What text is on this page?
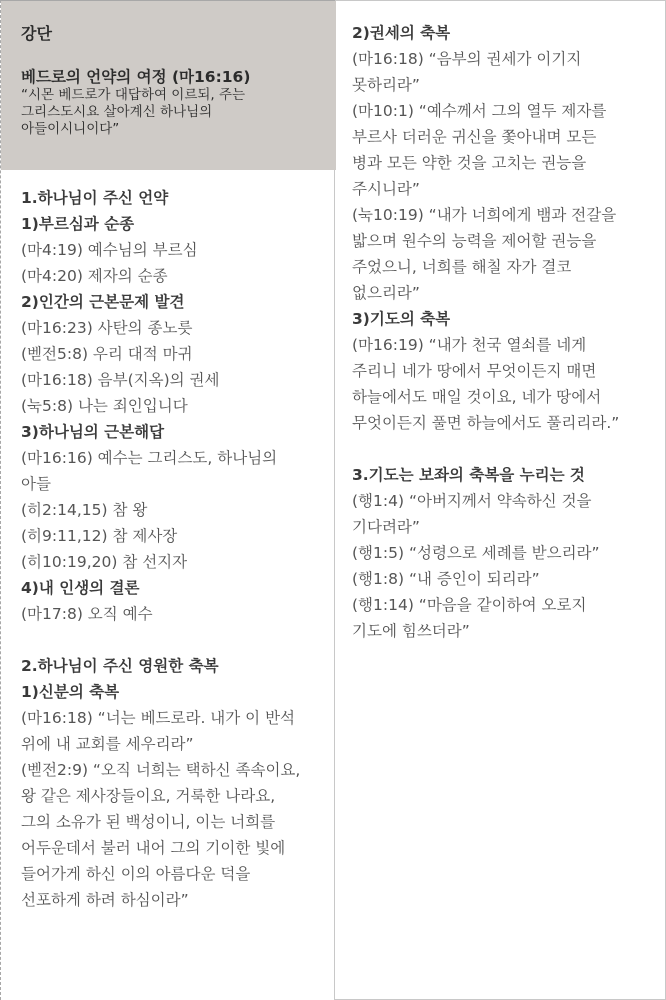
강단
베드로의 언약의 여정 (마16:16)
“시몬 베드로가 대답하여 이르되, 주는
그리스도시요 살아계신 하나님의
아들이시니이다”
1.하나님이 주신 언약
1)부르심과 순종
(마4:19) 예수님의 부르심
(마4:20) 제자의 순종
2)인간의 근본문제 발견
(마16:23) 사탄의 종노릇
(벧전5:8) 우리 대적 마귀
(마16:18) 음부(지옥)의 권세
(눅5:8) 나는 죄인입니다
3)하나님의 근본해답
(마16:16) 예수는 그리스도, 하나님의
아들
(히2:14,15) 참 왕
(히9:11,12) 참 제사장
(히10:19,20) 참 선지자
4)내 인생의 결론
(마17:8) 오직 예수
2.하나님이 주신 영원한 축복
1)신분의 축복
(마16:18) “너는 베드로라. 내가 이 반석
위에 내 교회를 세우리라”
(벧전2:9) “오직 너희는 택하신 족속이요,
왕 같은 제사장들이요, 거룩한 나라요,
그의 소유가 된 백성이니, 이는 너희를
어두운데서 불러 내어 그의 기이한 빛에
들어가게 하신 이의 아름다운 덕을
선포하게 하려 하심이라”
2)권세의 축복
(마16:18) “음부의 권세가 이기지
못하리라”
(마10:1) “예수께서 그의 열두 제자를
부르사 더러운 귀신을 쫓아내며 모든
병과 모든 약한 것을 고치는 권능을
주시니라”
(눅10:19) “내가 너희에게 뱀과 전갈을
밟으며 원수의 능력을 제어할 권능을
주었으니, 너희를 해칠 자가 결코
없으리라”
3)기도의 축복
(마16:19) “내가 천국 열쇠를 네게
주리니 네가 땅에서 무엇이든지 매면
하늘에서도 매일 것이요, 네가 땅에서
무엇이든지 풀면 하늘에서도 풀리리라.”
3.기도는 보좌의 축복을 누리는 것
(행1:4) “아버지께서 약속하신 것을
기다려라”
(행1:5) “성령으로 세례를 받으리라”
(행1:8) “내 증인이 되리라”
(행1:14) “마음을 같이하여 오로지
기도에 힘쓰더라”
